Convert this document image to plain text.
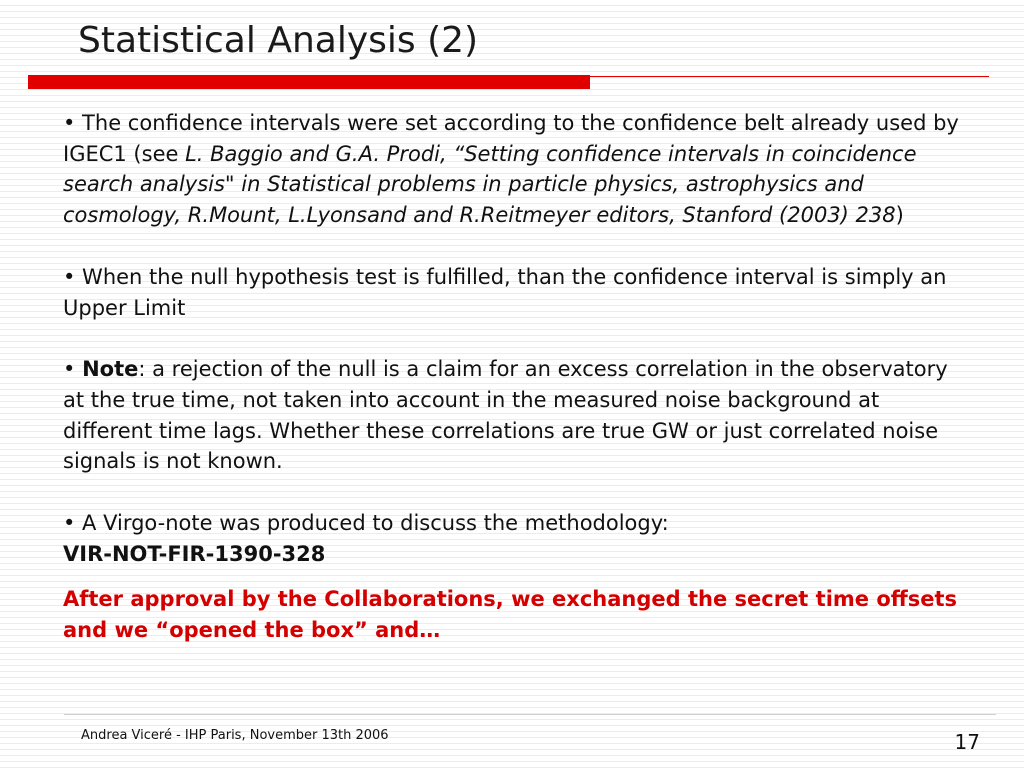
Statistical Analysis (2)

• The confidence intervals were set according to the confidence belt already used by IGEC1 (see L. Baggio and G.A. Prodi, “Setting confidence intervals in coincidence search analysis" in Statistical problems in particle physics, astrophysics and cosmology, R.Mount, L.Lyonsand and R.Reitmeyer editors, Stanford (2003) 238)

• When the null hypothesis test is fulfilled, than the confidence interval is simply an Upper Limit

• Note: a rejection of the null is a claim for an excess correlation in the observatory at the true time, not taken into account in the measured noise background at different time lags. Whether these correlations are true GW or just correlated noise signals is not known.

• A Virgo-note was produced to discuss the methodology:
VIR-NOT-FIR-1390-328

After approval by the Collaborations, we exchanged the secret time offsets and we “opened the box” and…

Andrea Viceré - IHP Paris, November 13th 2006	17
